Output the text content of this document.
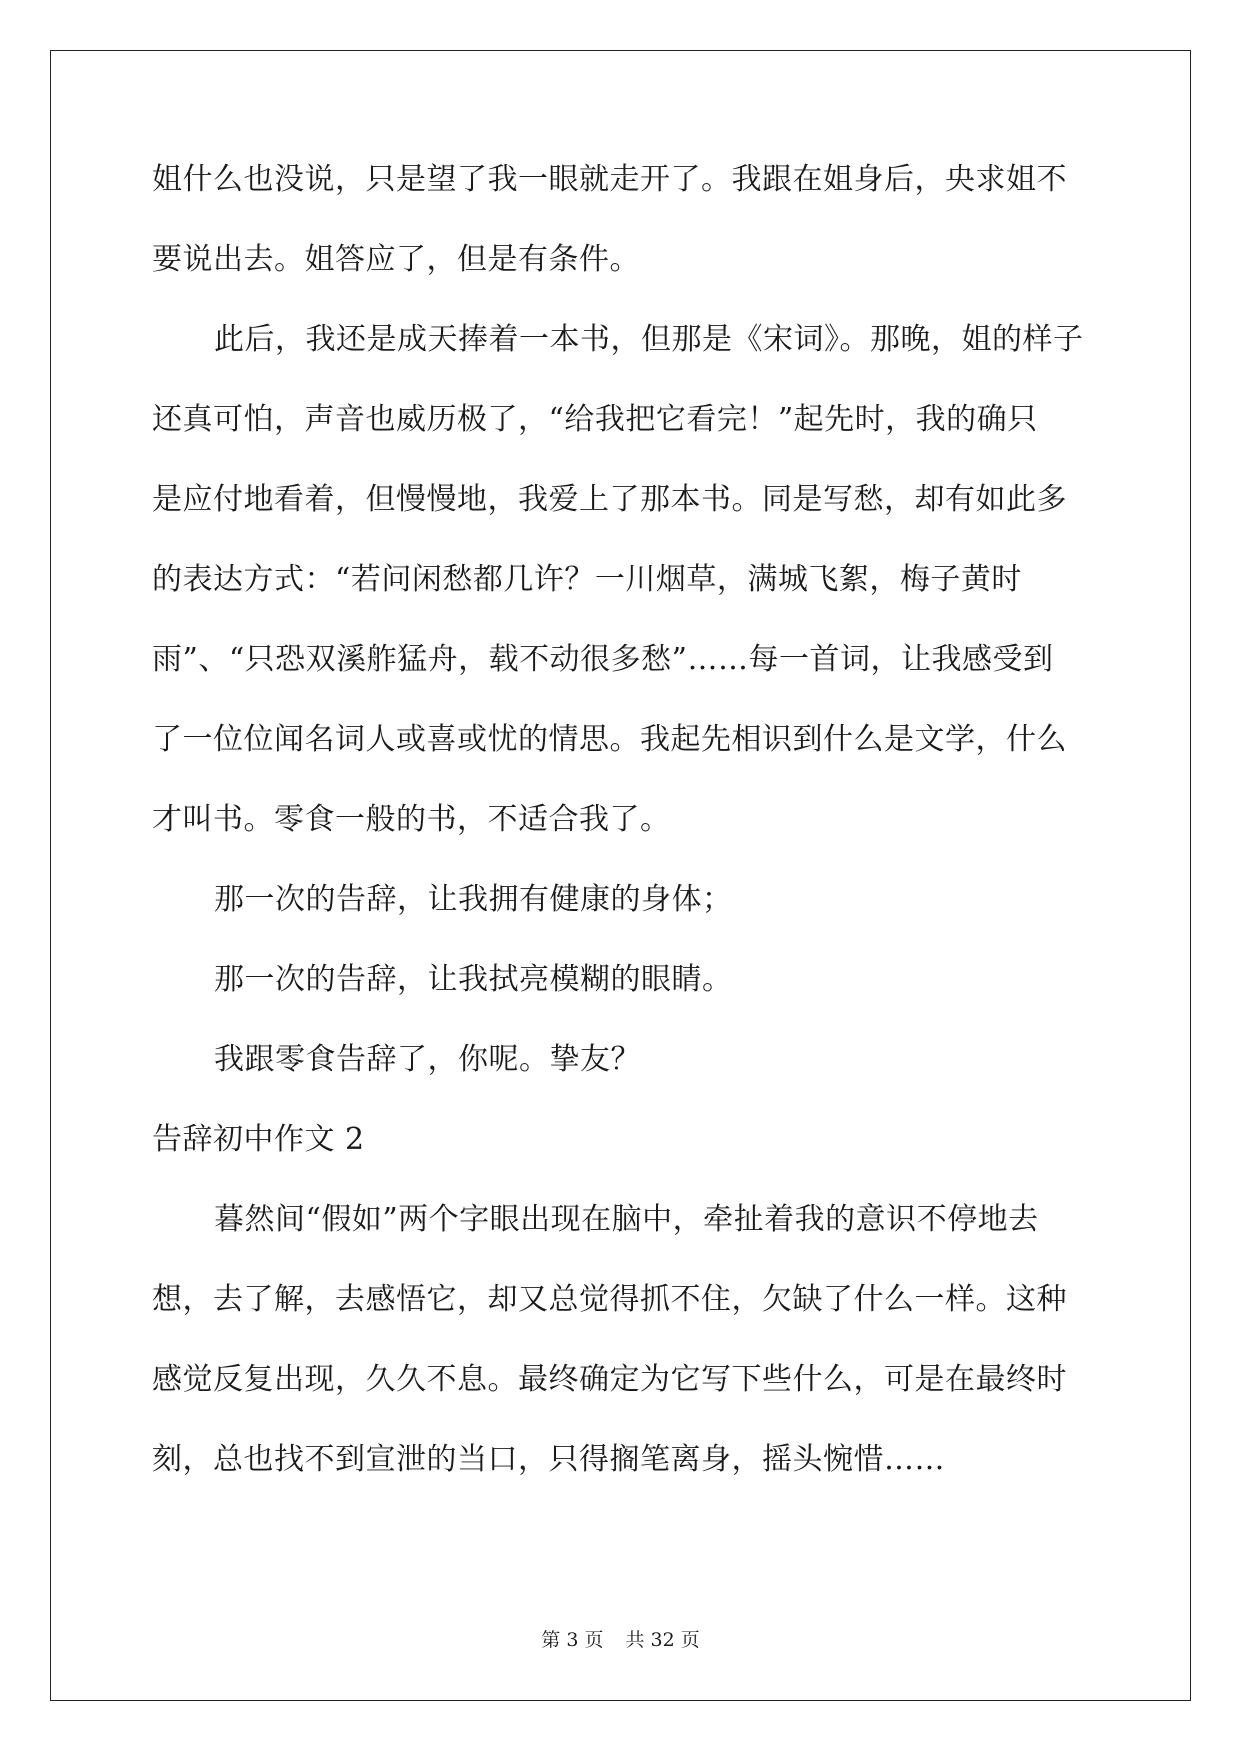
姐什么也没说，只是望了我一眼就走开了。我跟在姐身后，央求姐不

要说出去。姐答应了，但是有条件。

此后，我还是成天捧着一本书，但那是《宋词》。那晚，姐的样子

还真可怕，声音也威历极了，“给我把它看完！”起先时，我的确只

是应付地看着，但慢慢地，我爱上了那本书。同是写愁，却有如此多

的表达方式：“若问闲愁都几许？一川烟草，满城飞絮，梅子黄时

雨”、“只恐双溪舴猛舟，载不动很多愁”……每一首词，让我感受到

了一位位闻名词人或喜或忧的情思。我起先相识到什么是文学，什么

才叫书。零食一般的书，不适合我了。

那一次的告辞，让我拥有健康的身体；

那一次的告辞，让我拭亮模糊的眼睛。

我跟零食告辞了，你呢。挚友？

告辞初中作文 2

暮然间“假如”两个字眼出现在脑中，牵扯着我的意识不停地去

想，去了解，去感悟它，却又总觉得抓不住，欠缺了什么一样。这种

感觉反复出现，久久不息。最终确定为它写下些什么，可是在最终时

刻，总也找不到宣泄的当口，只得搁笔离身，摇头惋惜……

第 3 页 共 32 页
